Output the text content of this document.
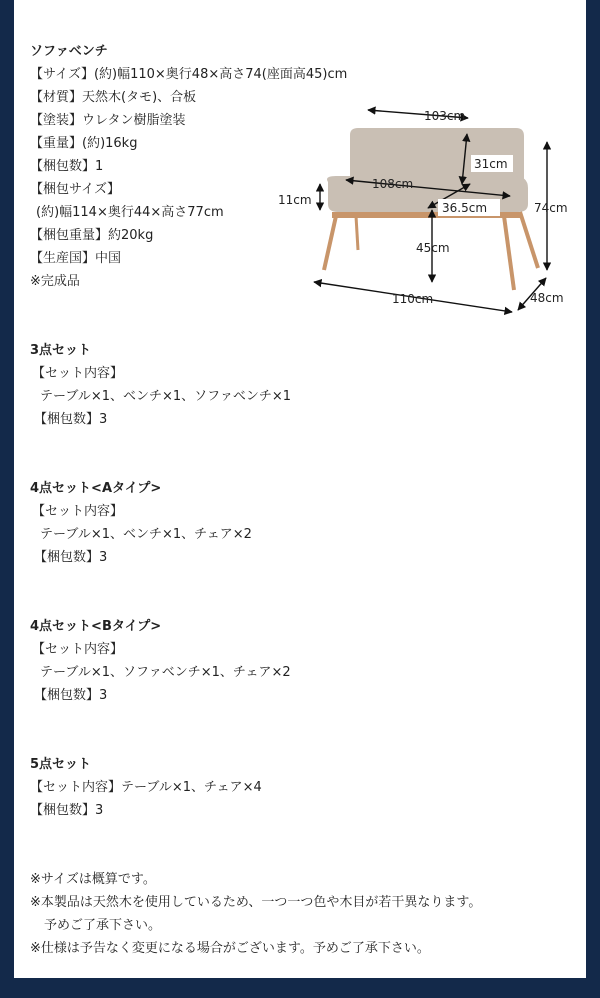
ソファベンチ
【サイズ】(約)幅110×奥行48×高さ74(座面高45)cm
【材質】天然木(タモ)、合板
【塗装】ウレタン樹脂塗装
【重量】(約)16kg
【梱包数】1
【梱包サイズ】
(約)幅114×奥行44×高さ77cm
【梱包重量】約20kg
【生産国】中国
※完成品
103cm
31cm
108cm
36.5cm
11cm
74cm
45cm
110cm	48cm
3点セット
【セット内容】
テーブル×1、ベンチ×1、ソファベンチ×1
【梱包数】3
4点セット<Aタイプ>
【セット内容】
テーブル×1、ベンチ×1、チェア×2
【梱包数】3
4点セット<Bタイプ>
【セット内容】
テーブル×1、ソファベンチ×1、チェア×2
【梱包数】3
5点セット
【セット内容】テーブル×1、チェア×4
【梱包数】3
※サイズは概算です。
※本製品は天然木を使用しているため、一つ一つ色や木目が若干異なります。
予めご了承下さい。
※仕様は予告なく変更になる場合がございます。予めご了承下さい。
